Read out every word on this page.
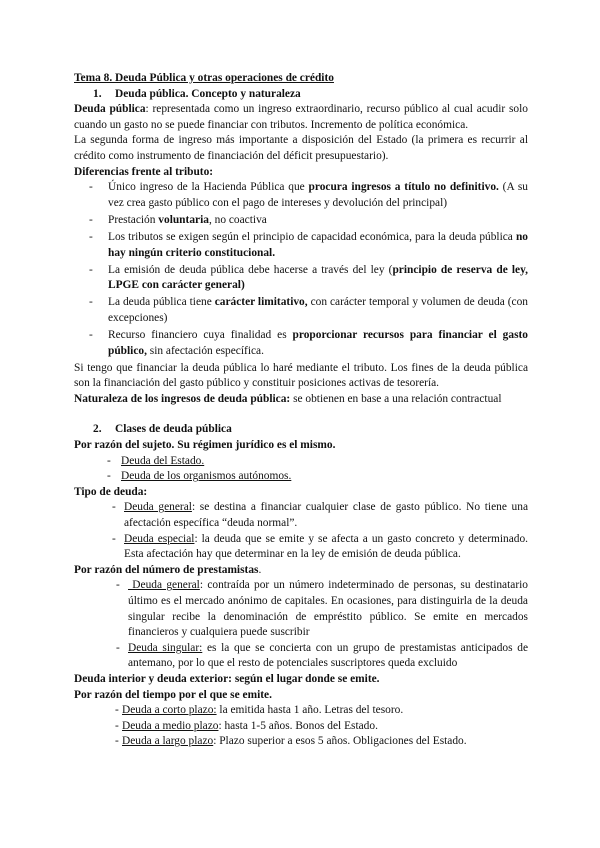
Tema 8. Deuda Pública y otras operaciones de crédito

1. Deuda pública. Concepto y naturaleza

Deuda pública: representada como un ingreso extraordinario, recurso público al cual acudir solo cuando un gasto no se puede financiar con tributos. Incremento de política económica.

La segunda forma de ingreso más importante a disposición del Estado (la primera es recurrir al crédito como instrumento de financiación del déficit presupuestario).

Diferencias frente al tributo:

- Único ingreso de la Hacienda Pública que procura ingresos a título no definitivo. (A su vez crea gasto público con el pago de intereses y devolución del principal)
- Prestación voluntaria, no coactiva
- Los tributos se exigen según el principio de capacidad económica, para la deuda pública no hay ningún criterio constitucional.
- La emisión de deuda pública debe hacerse a través del ley (principio de reserva de ley, LPGE con carácter general)
- La deuda pública tiene carácter limitativo, con carácter temporal y volumen de deuda (con excepciones)
- Recurso financiero cuya finalidad es proporcionar recursos para financiar el gasto público, sin afectación específica.

Si tengo que financiar la deuda pública lo haré mediante el tributo. Los fines de la deuda pública son la financiación del gasto público y constituir posiciones activas de tesorería.

Naturaleza de los ingresos de deuda pública: se obtienen en base a una relación contractual

2. Clases de deuda pública

Por razón del sujeto. Su régimen jurídico es el mismo.

- Deuda del Estado.
- Deuda de los organismos autónomos.

Tipo de deuda:

- Deuda general: se destina a financiar cualquier clase de gasto público. No tiene una afectación específica “deuda normal”.
- Deuda especial: la deuda que se emite y se afecta a un gasto concreto y determinado. Esta afectación hay que determinar en la ley de emisión de deuda pública.

Por razón del número de prestamistas.

- Deuda general: contraída por un número indeterminado de personas, su destinatario último es el mercado anónimo de capitales. En ocasiones, para distinguirla de la deuda singular recibe la denominación de empréstito público. Se emite en mercados financieros y cualquiera puede suscribir
- Deuda singular: es la que se concierta con un grupo de prestamistas anticipados de antemano, por lo que el resto de potenciales suscriptores queda excluido

Deuda interior y deuda exterior: según el lugar donde se emite.

Por razón del tiempo por el que se emite.

- Deuda a corto plazo: la emitida hasta 1 año. Letras del tesoro.
- Deuda a medio plazo: hasta 1-5 años. Bonos del Estado.
- Deuda a largo plazo: Plazo superior a esos 5 años. Obligaciones del Estado.
